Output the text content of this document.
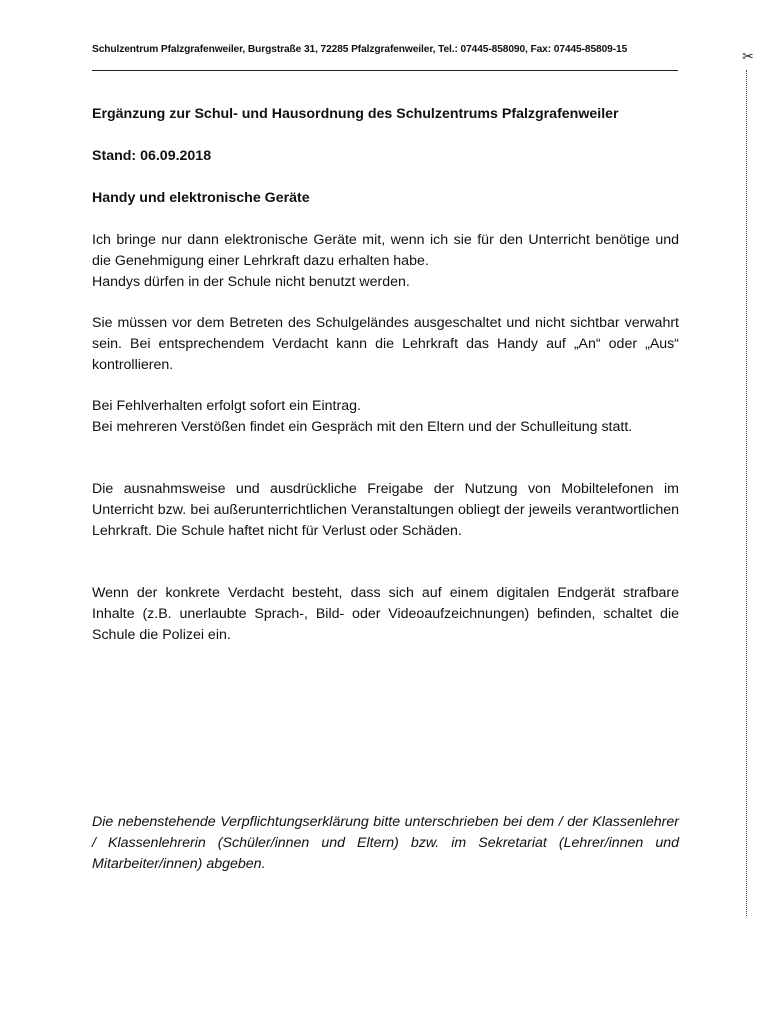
Schulzentrum Pfalzgrafenweiler, Burgstraße 31, 72285 Pfalzgrafenweiler, Tel.: 07445-858090, Fax: 07445-85809-15	✂
Ergänzung zur Schul- und Hausordnung des Schulzentrums Pfalzgrafenweiler
Stand: 06.09.2018
Handy und elektronische Geräte
Ich bringe nur dann elektronische Geräte mit, wenn ich sie für den Unterricht benötige und die Genehmigung einer Lehrkraft dazu erhalten habe.
Handys dürfen in der Schule nicht benutzt werden.
Sie müssen vor dem Betreten des Schulgeländes ausgeschaltet und nicht sichtbar verwahrt sein. Bei entsprechendem Verdacht kann die Lehrkraft das Handy auf „An“ oder „Aus“ kontrollieren.
Bei Fehlverhalten erfolgt sofort ein Eintrag.
Bei mehreren Verstößen findet ein Gespräch mit den Eltern und der Schulleitung statt.
Die ausnahmsweise und ausdrückliche Freigabe der Nutzung von Mobiltelefonen im Unterricht bzw. bei außerunterrichtlichen Veranstaltungen obliegt der jeweils verantwortlichen Lehrkraft. Die Schule haftet nicht für Verlust oder Schäden.
Wenn der konkrete Verdacht besteht, dass sich auf einem digitalen Endgerät strafbare Inhalte (z.B. unerlaubte Sprach-, Bild- oder Videoaufzeichnungen) befinden, schaltet die Schule die Polizei ein.
Die nebenstehende Verpflichtungserklärung bitte unterschrieben bei dem / der Klassenlehrer / Klassenlehrerin (Schüler/innen und Eltern) bzw. im Sekretariat (Lehrer/innen und Mitarbeiter/innen) abgeben.
